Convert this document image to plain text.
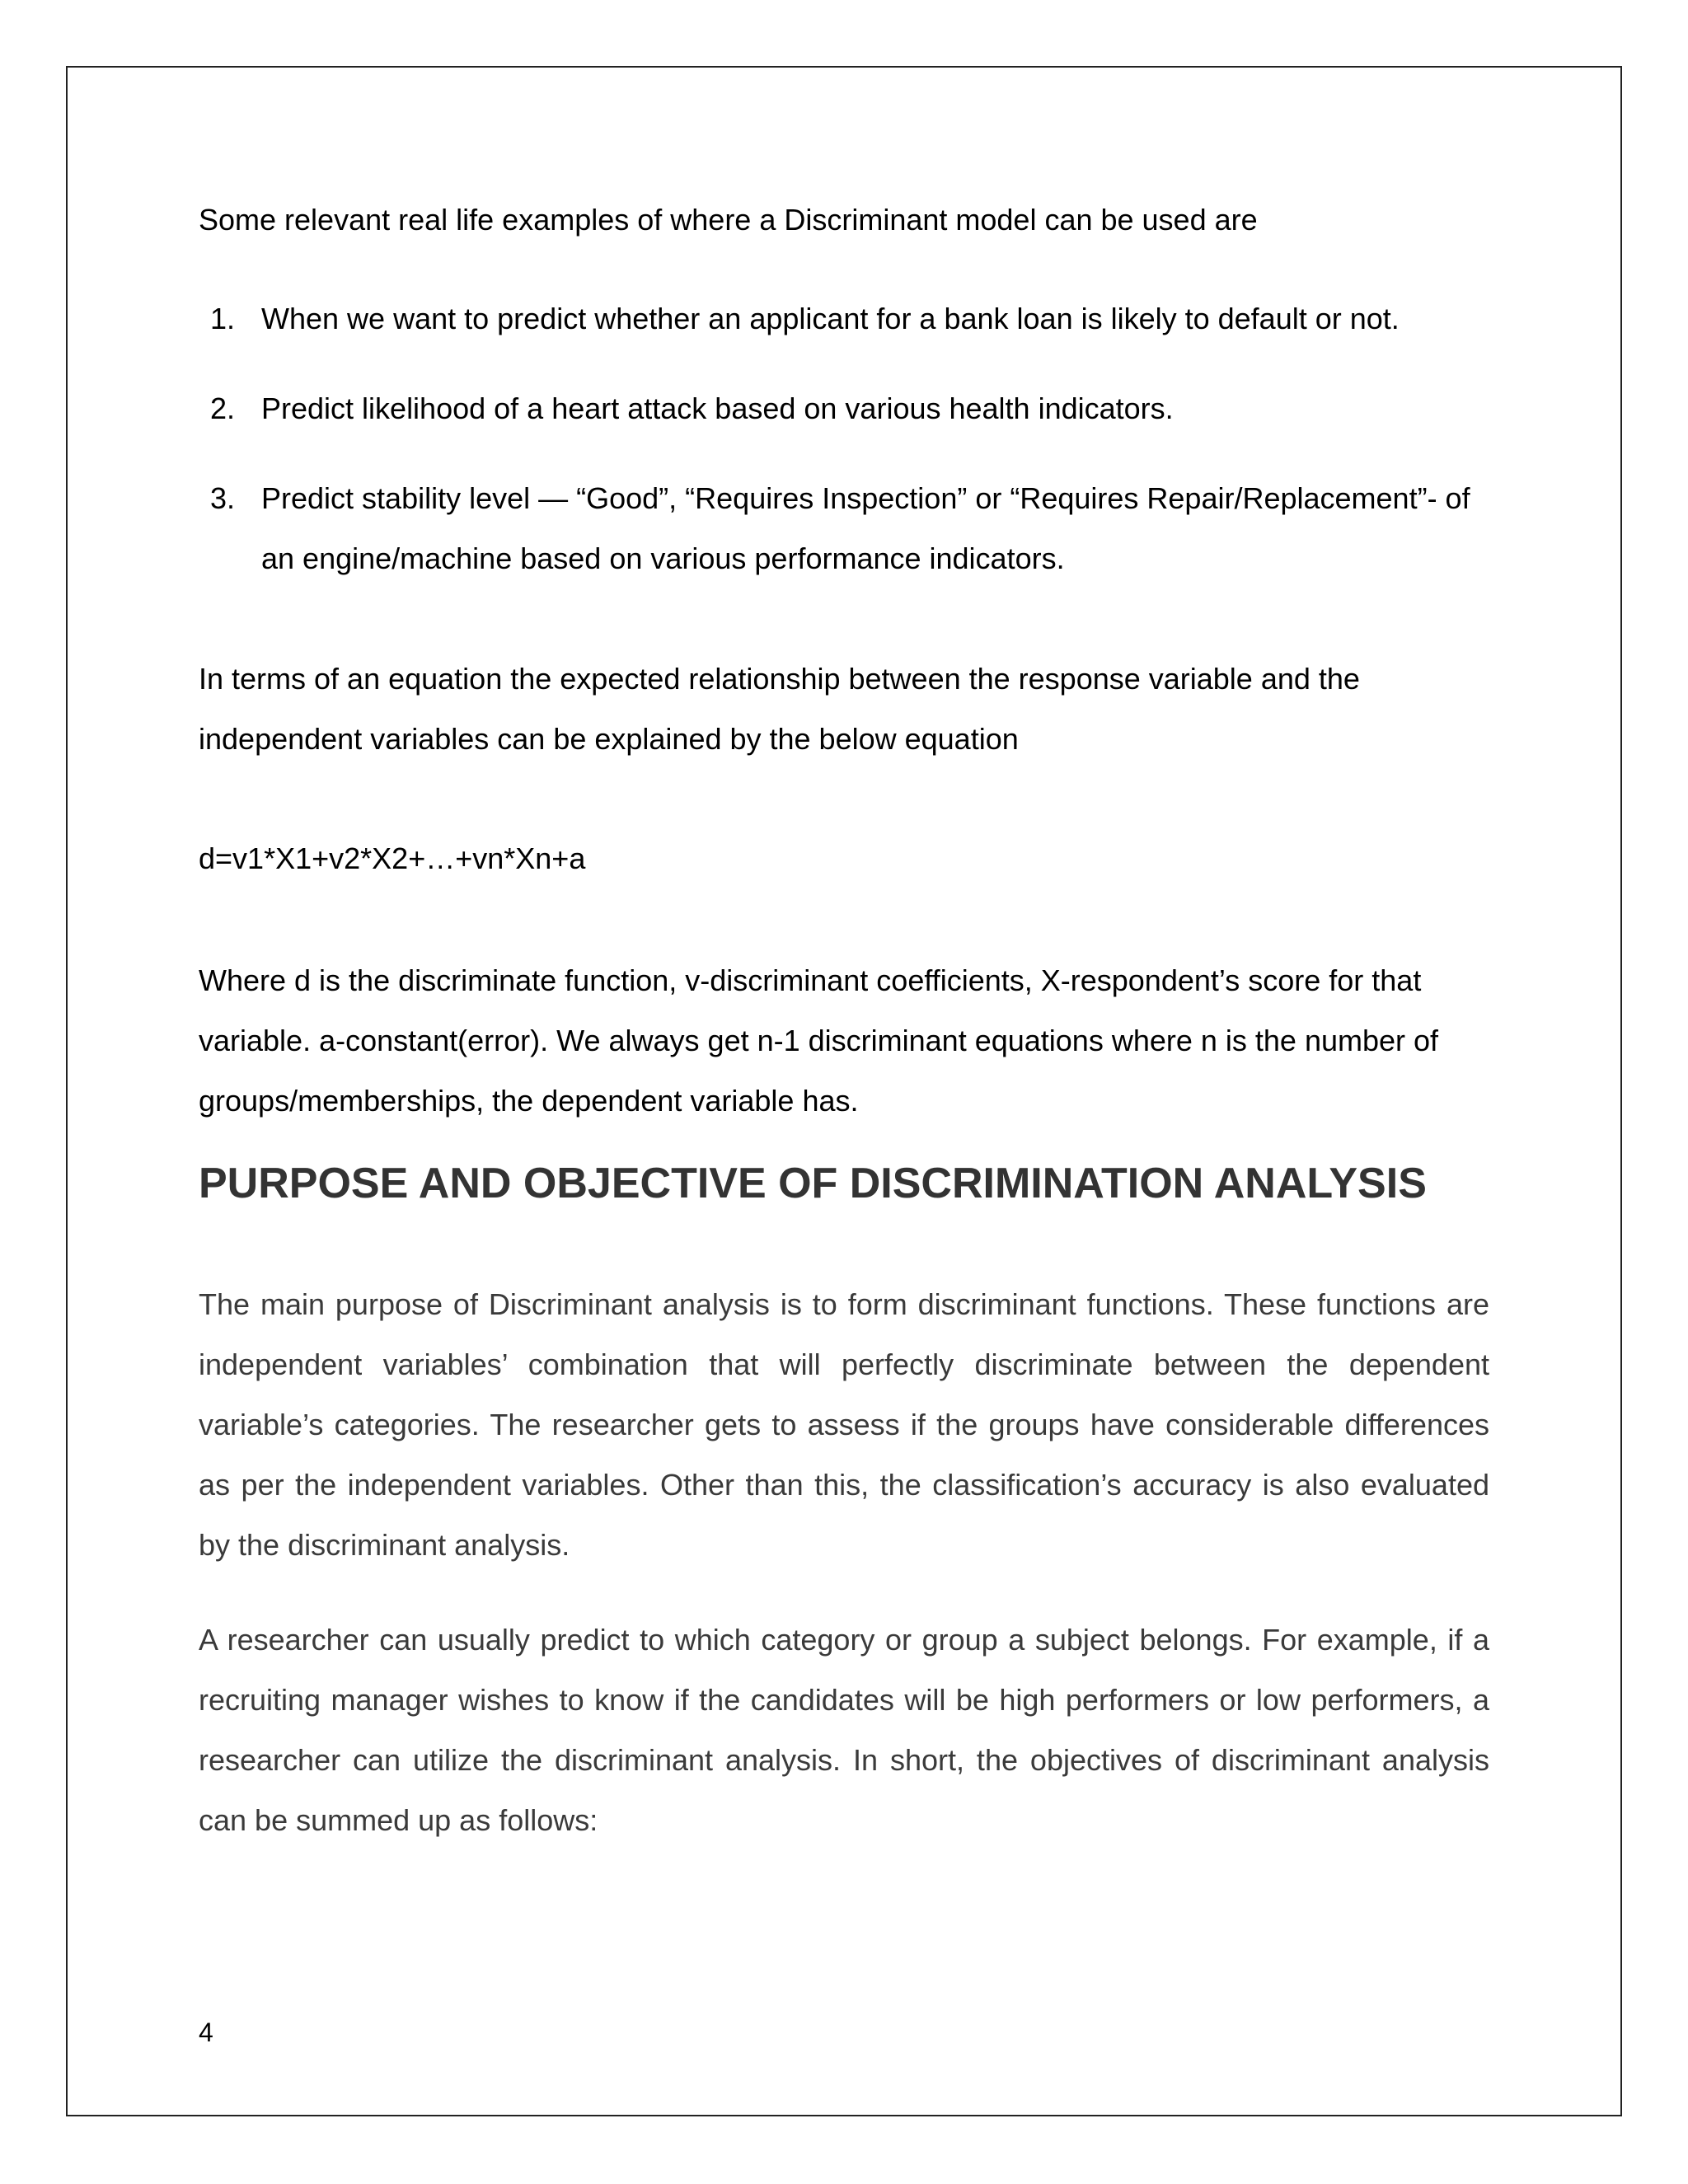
Some relevant real life examples of where a Discriminant model can be used are

1. When we want to predict whether an applicant for a bank loan is likely to default or not.
2. Predict likelihood of a heart attack based on various health indicators.
3. Predict stability level — “Good”, “Requires Inspection” or “Requires Repair/Replacement”- of an engine/machine based on various performance indicators.

In terms of an equation the expected relationship between the response variable and the independent variables can be explained by the below equation

d=v1*X1+v2*X2+…+vn*Xn+a

Where d is the discriminate function, v-discriminant coefficients, X-respondent’s score for that variable. a-constant(error). We always get n-1 discriminant equations where n is the number of groups/memberships, the dependent variable has.

PURPOSE AND OBJECTIVE OF DISCRIMINATION ANALYSIS

The main purpose of Discriminant analysis is to form discriminant functions. These functions are independent variables’ combination that will perfectly discriminate between the dependent variable’s categories. The researcher gets to assess if the groups have considerable differences as per the independent variables. Other than this, the classification’s accuracy is also evaluated by the discriminant analysis.

A researcher can usually predict to which category or group a subject belongs. For example, if a recruiting manager wishes to know if the candidates will be high performers or low performers, a researcher can utilize the discriminant analysis. In short, the objectives of discriminant analysis can be summed up as follows:

4
